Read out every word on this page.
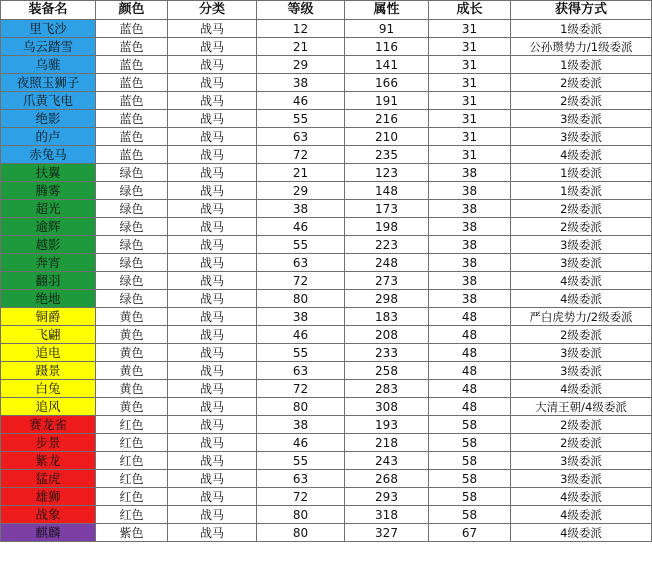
装备名	颜色	分类	等级	属性	成长	获得方式
里飞沙	蓝色	战马	12	91	31	1级委派
乌云踏雪	蓝色	战马	21	116	31	公孙瓒势力/1级委派
乌骓	蓝色	战马	29	141	31	1级委派
夜照玉狮子	蓝色	战马	38	166	31	2级委派
爪黄飞电	蓝色	战马	46	191	31	2级委派
绝影	蓝色	战马	55	216	31	3级委派
的卢	蓝色	战马	63	210	31	3级委派
赤兔马	蓝色	战马	72	235	31	4级委派
扶翼	绿色	战马	21	123	38	1级委派
腾雾	绿色	战马	29	148	38	1级委派
超光	绿色	战马	38	173	38	2级委派
逾辉	绿色	战马	46	198	38	2级委派
越影	绿色	战马	55	223	38	3级委派
奔宵	绿色	战马	63	248	38	3级委派
翻羽	绿色	战马	72	273	38	4级委派
绝地	绿色	战马	80	298	38	4级委派
铜爵	黄色	战马	38	183	48	严白虎势力/2级委派
飞翩	黄色	战马	46	208	48	2级委派
追电	黄色	战马	55	233	48	3级委派
蹑景	黄色	战马	63	258	48	3级委派
白兔	黄色	战马	72	283	48	4级委派
追风	黄色	战马	80	308	48	大清王朝/4级委派
赛龙雀	红色	战马	38	193	58	2级委派
步景	红色	战马	46	218	58	2级委派
紫龙	红色	战马	55	243	58	3级委派
猛虎	红色	战马	63	268	58	3级委派
雄狮	红色	战马	72	293	58	4级委派
战象	红色	战马	80	318	58	4级委派
麒麟	紫色	战马	80	327	67	4级委派
